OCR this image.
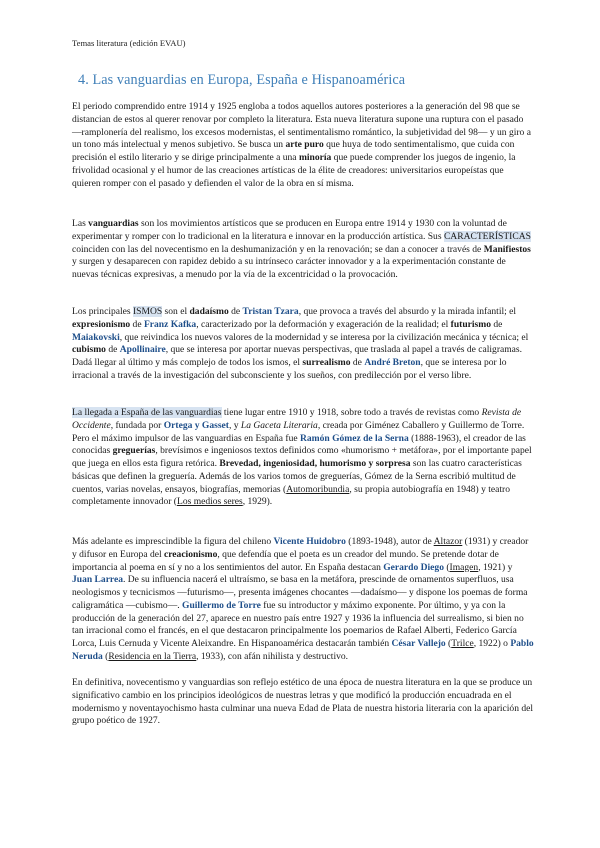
Temas literatura (edición EVAU)
4. Las vanguardias en Europa, España e Hispanoamérica
El periodo comprendido entre 1914 y 1925 engloba a todos aquellos autores posteriores a la generación del 98 que se distancian de estos al querer renovar por completo la literatura. Esta nueva literatura supone una ruptura con el pasado —ramplonería del realismo, los excesos modernistas, el sentimentalismo romántico, la subjetividad del 98— y un giro a un tono más intelectual y menos subjetivo. Se busca un arte puro que huya de todo sentimentalismo, que cuida con precisión el estilo literario y se dirige principalmente a una minoría que puede comprender los juegos de ingenio, la frivolidad ocasional y el humor de las creaciones artísticas de la élite de creadores: universitarios europeístas que quieren romper con el pasado y defienden el valor de la obra en sí misma.
Las vanguardias son los movimientos artísticos que se producen en Europa entre 1914 y 1930 con la voluntad de experimentar y romper con lo tradicional en la literatura e innovar en la producción artística. Sus CARACTERÍSTICAS coinciden con las del novecentismo en la deshumanización y en la renovación; se dan a conocer a través de Manifiestos y surgen y desaparecen con rapidez debido a su intrínseco carácter innovador y a la experimentación constante de nuevas técnicas expresivas, a menudo por la vía de la excentricidad o la provocación.
Los principales ISMOS son el dadaísmo de Tristan Tzara, que provoca a través del absurdo y la mirada infantil; el expresionismo de Franz Kafka, caracterizado por la deformación y exageración de la realidad; el futurismo de Maiakovski, que reivindica los nuevos valores de la modernidad y se interesa por la civilización mecánica y técnica; el cubismo de Apollinaire, que se interesa por aportar nuevas perspectivas, que traslada al papel a través de caligramas. Dadá llegar al último y más complejo de todos los ismos, el surrealismo de André Breton, que se interesa por lo irracional a través de la investigación del subconsciente y los sueños, con predilección por el verso libre.
La llegada a España de las vanguardias tiene lugar entre 1910 y 1918, sobre todo a través de revistas como Revista de Occidente, fundada por Ortega y Gasset, y La Gaceta Literaria, creada por Giménez Caballero y Guillermo de Torre. Pero el máximo impulsor de las vanguardias en España fue Ramón Gómez de la Serna (1888-1963), el creador de las conocidas greguerías, brevísimos e ingeniosos textos definidos como «humorismo + metáfora», por el importante papel que juega en ellos esta figura retórica. Brevedad, ingeniosidad, humorismo y sorpresa son las cuatro características básicas que definen la greguería. Además de los varios tomos de greguerías, Gómez de la Serna escribió multitud de cuentos, varias novelas, ensayos, biografías, memorias (Automoribundia, su propia autobiografía en 1948) y teatro completamente innovador (Los medios seres, 1929).
Más adelante es imprescindible la figura del chileno Vicente Huidobro (1893-1948), autor de Altazor (1931) y creador y difusor en Europa del creacionismo, que defendía que el poeta es un creador del mundo. Se pretende dotar de importancia al poema en sí y no a los sentimientos del autor. En España destacan Gerardo Diego (Imagen, 1921) y Juan Larrea. De su influencia nacerá el ultraísmo, se basa en la metáfora, prescinde de ornamentos superfluos, usa neologismos y tecnicismos —futurismo—, presenta imágenes chocantes —dadaísmo— y dispone los poemas de forma caligramática —cubismo—. Guillermo de Torre fue su introductor y máximo exponente. Por último, y ya con la producción de la generación del 27, aparece en nuestro país entre 1927 y 1936 la influencia del surrealismo, si bien no tan irracional como el francés, en el que destacaron principalmente los poemarios de Rafael Alberti, Federico García Lorca, Luis Cernuda y Vicente Aleixandre. En Hispanoamérica destacarán también César Vallejo (Trilce, 1922) o Pablo Neruda (Residencia en la Tierra, 1933), con afán nihilista y destructivo.
En definitiva, novecentismo y vanguardias son reflejo estético de una época de nuestra literatura en la que se produce un significativo cambio en los principios ideológicos de nuestras letras y que modificó la producción encuadrada en el modernismo y noventayochismo hasta culminar una nueva Edad de Plata de nuestra historia literaria con la aparición del grupo poético de 1927.
